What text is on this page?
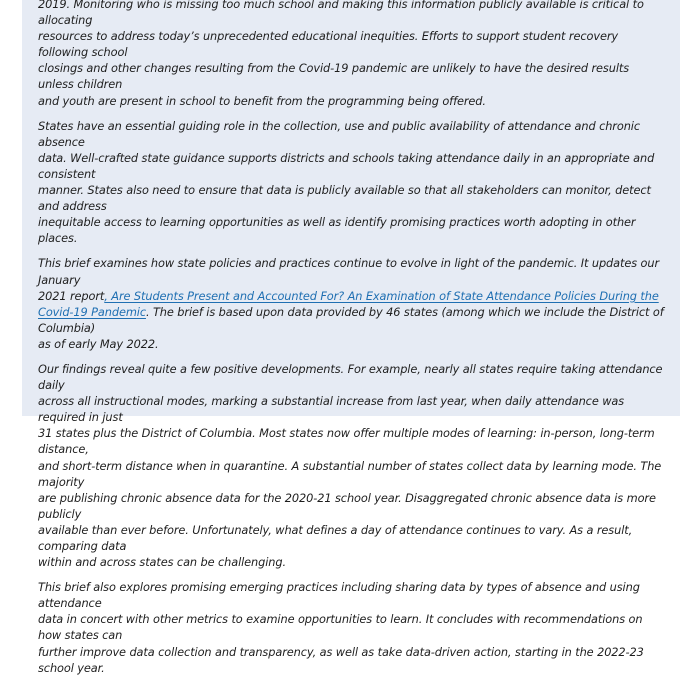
2019. Monitoring who is missing too much school and making this information publicly available is critical to allocating
resources to address today’s unprecedented educational inequities. Efforts to support student recovery following school
closings and other changes resulting from the Covid-19 pandemic are unlikely to have the desired results unless children
and youth are present in school to benefit from the programming being offered.

States have an essential guiding role in the collection, use and public availability of attendance and chronic absence
data. Well-crafted state guidance supports districts and schools taking attendance daily in an appropriate and consistent
manner. States also need to ensure that data is publicly available so that all stakeholders can monitor, detect and address
inequitable access to learning opportunities as well as identify promising practices worth adopting in other places.

This brief examines how state policies and practices continue to evolve in light of the pandemic. It updates our January
2021 report, Are Students Present and Accounted For? An Examination of State Attendance Policies During the
Covid-19 Pandemic. The brief is based upon data provided by 46 states (among which we include the District of Columbia)
as of early May 2022.

Our findings reveal quite a few positive developments. For example, nearly all states require taking attendance daily
across all instructional modes, marking a substantial increase from last year, when daily attendance was required in just
31 states plus the District of Columbia. Most states now offer multiple modes of learning: in-person, long-term distance,
and short-term distance when in quarantine. A substantial number of states collect data by learning mode. The majority
are publishing chronic absence data for the 2020-21 school year. Disaggregated chronic absence data is more publicly
available than ever before. Unfortunately, what defines a day of attendance continues to vary. As a result, comparing data
within and across states can be challenging.

This brief also explores promising emerging practices including sharing data by types of absence and using attendance
data in concert with other metrics to examine opportunities to learn. It concludes with recommendations on how states can
further improve data collection and transparency, as well as take data-driven action, starting in the 2022-23 school year.
